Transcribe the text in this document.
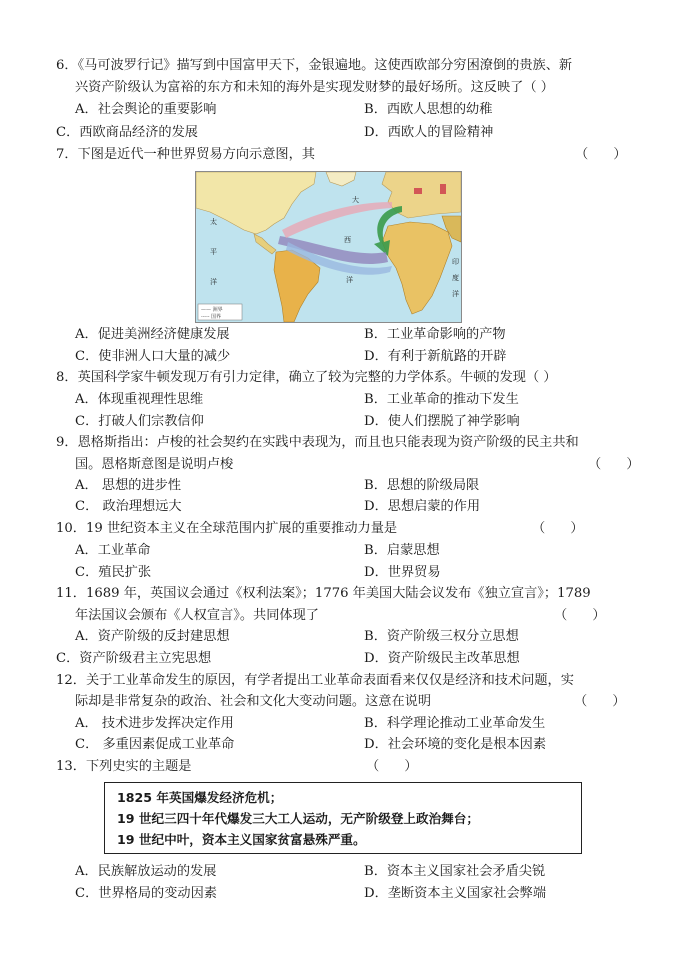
6．《马可波罗行记》描写到中国富甲天下，金银遍地。这使西欧部分穷困潦倒的贵族、新
兴资产阶级认为富裕的东方和未知的海外是实现发财梦的最好场所。这反映了（ ）
A．社会舆论的重要影响	B．西欧人思想的幼稚
C．西欧商品经济的发展	D．西欧人的冒险精神
7．下图是近代一种世界贸易方向示意图，其	（      ）
太
平
洋
大
西
洋
印
度
洋
—— 洲界
----- 国界
A．促进美洲经济健康发展	B．工业革命影响的产物
C．使非洲人口大量的减少	D．有利于新航路的开辟
8．英国科学家牛顿发现万有引力定律，确立了较为完整的力学体系。牛顿的发现（ ）
A．体现重视理性思维	B．工业革命的推动下发生
C．打破人们宗教信仰	D．使人们摆脱了神学影响
9．恩格斯指出：卢梭的社会契约在实践中表现为，而且也只能表现为资产阶级的民主共和
国。恩格斯意图是说明卢梭	（      ）
A． 思想的进步性	B．思想的阶级局限
C． 政治理想远大	D．思想启蒙的作用
10．19 世纪资本主义在全球范围内扩展的重要推动力量是	（      ）
A．工业革命	B．启蒙思想
C．殖民扩张	D．世界贸易
11．1689 年，英国议会通过《权利法案》；1776 年美国大陆会议发布《独立宣言》；1789
年法国议会颁布《人权宣言》。共同体现了	（      ）
A．资产阶级的反封建思想	B．资产阶级三权分立思想
C．资产阶级君主立宪思想	D．资产阶级民主改革思想
12．关于工业革命发生的原因，有学者提出工业革命表面看来仅仅是经济和技术问题，实
际却是非常复杂的政治、社会和文化大变动问题。这意在说明	（      ）
A． 技术进步发挥决定作用	B．科学理论推动工业革命发生
C． 多重因素促成工业革命	D．社会环境的变化是根本因素
13．下列史实的主题是	（      ）
1825 年英国爆发经济危机；
19 世纪三四十年代爆发三大工人运动，无产阶级登上政治舞台；
19 世纪中叶，资本主义国家贫富悬殊严重。
A．民族解放运动的发展	B．资本主义国家社会矛盾尖锐
C．世界格局的变动因素	D．垄断资本主义国家社会弊端
